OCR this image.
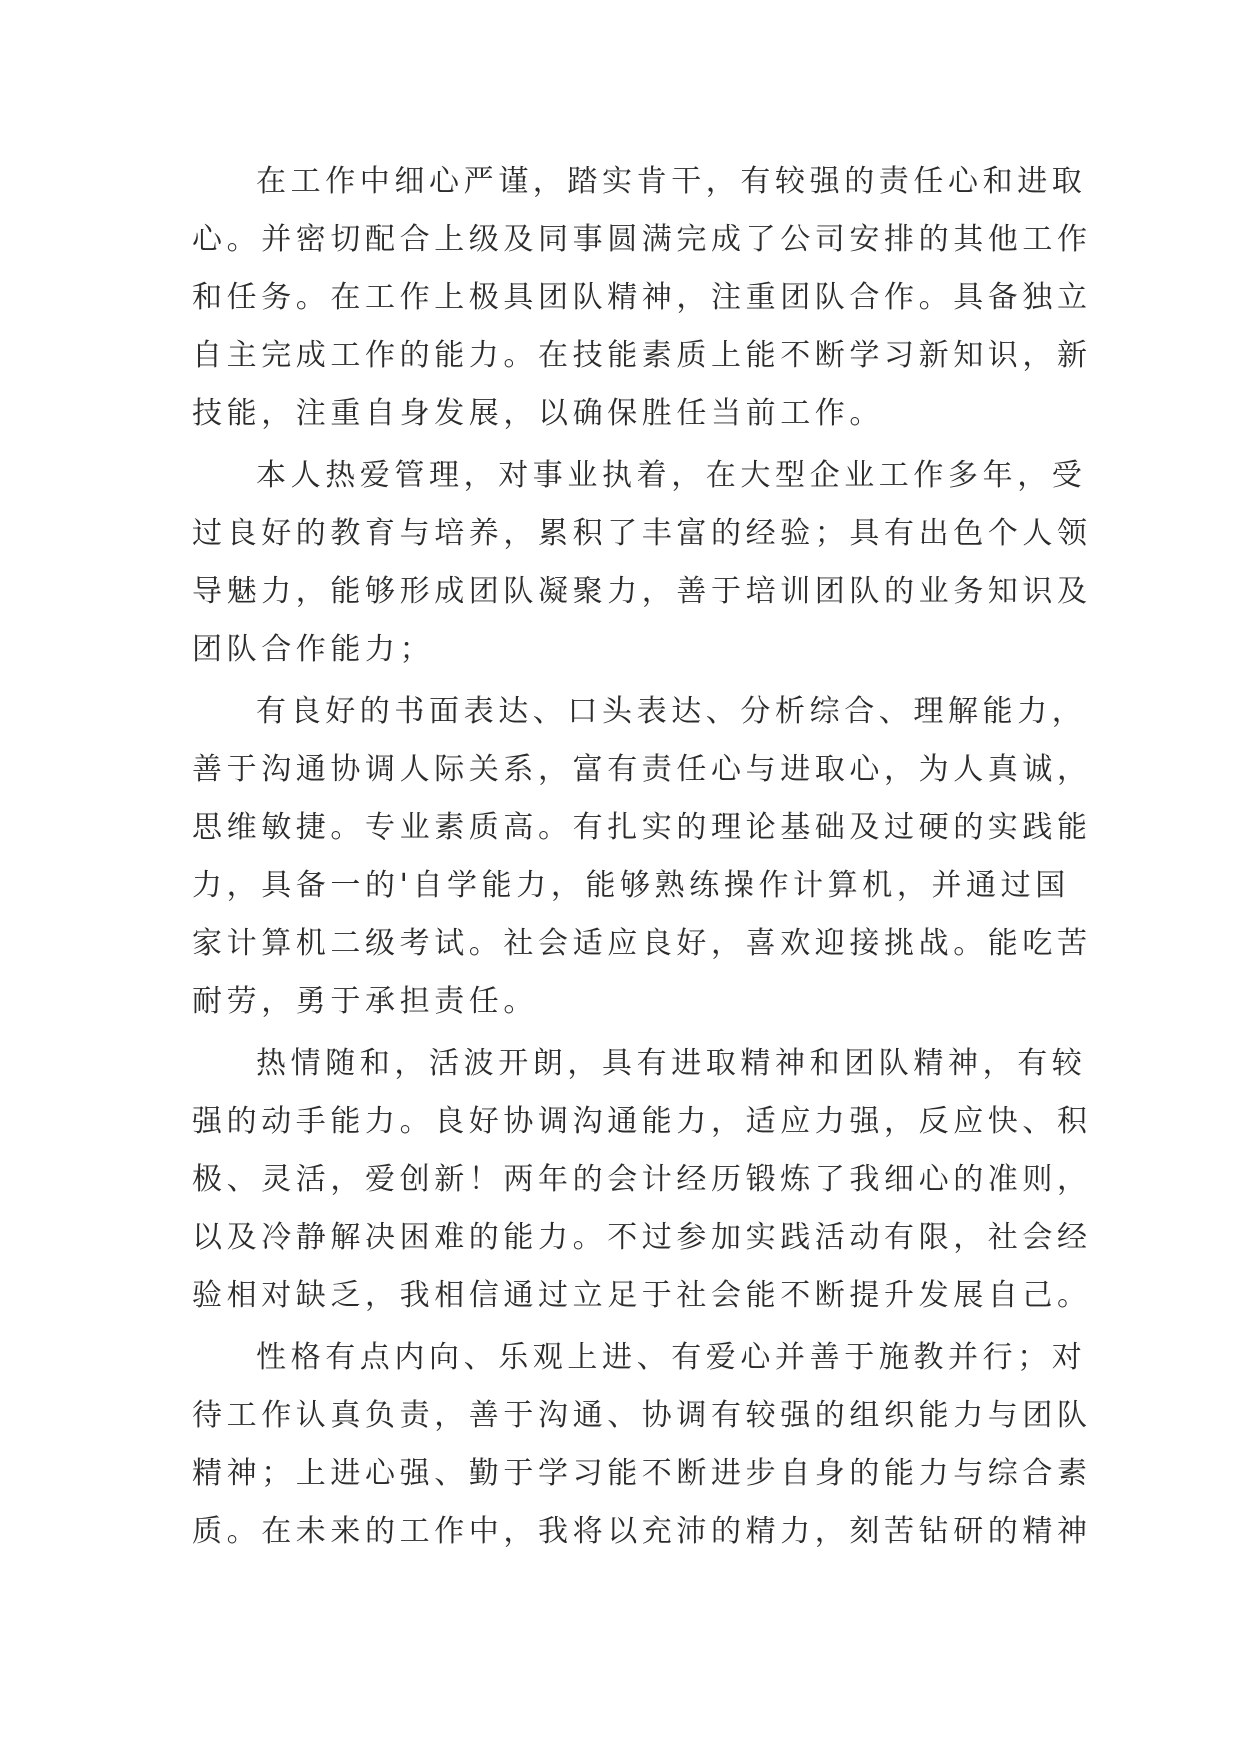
在工作中细心严谨，踏实肯干，有较强的责任心和进取
心。并密切配合上级及同事圆满完成了公司安排的其他工作
和任务。在工作上极具团队精神，注重团队合作。具备独立
自主完成工作的能力。在技能素质上能不断学习新知识，新
技能，注重自身发展，以确保胜任当前工作。
本人热爱管理，对事业执着，在大型企业工作多年，受
过良好的教育与培养，累积了丰富的经验；具有出色个人领
导魅力，能够形成团队凝聚力，善于培训团队的业务知识及
团队合作能力；
有良好的书面表达、口头表达、分析综合、理解能力，
善于沟通协调人际关系，富有责任心与进取心，为人真诚，
思维敏捷。专业素质高。有扎实的理论基础及过硬的实践能
力，具备一的'自学能力，能够熟练操作计算机，并通过国
家计算机二级考试。社会适应良好，喜欢迎接挑战。能吃苦
耐劳，勇于承担责任。
热情随和，活波开朗，具有进取精神和团队精神，有较
强的动手能力。良好协调沟通能力，适应力强，反应快、积
极、灵活，爱创新！两年的会计经历锻炼了我细心的准则，
以及冷静解决困难的能力。不过参加实践活动有限，社会经
验相对缺乏，我相信通过立足于社会能不断提升发展自己。
性格有点内向、乐观上进、有爱心并善于施教并行；对
待工作认真负责，善于沟通、协调有较强的组织能力与团队
精神；上进心强、勤于学习能不断进步自身的能力与综合素
质。在未来的工作中，我将以充沛的精力，刻苦钻研的精神
